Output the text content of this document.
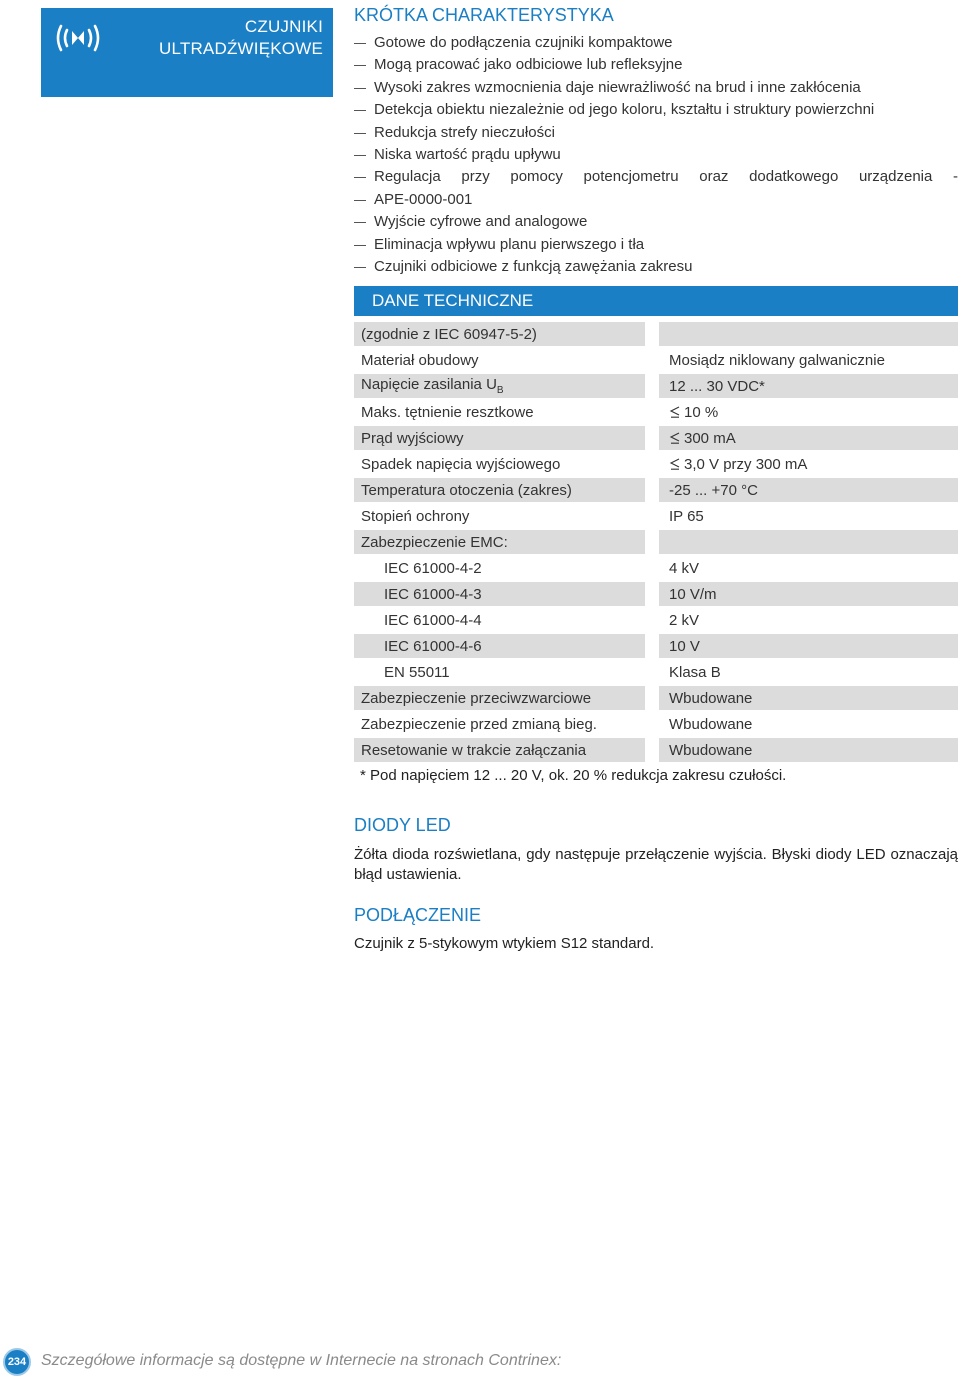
CZUJNIKI
ULTRADŹWIĘKOWE
KRÓTKA CHARAKTERYSTYKA
Gotowe do podłączenia czujniki kompaktowe
Mogą pracować jako odbiciowe lub refleksyjne
Wysoki zakres wzmocnienia daje niewrażliwość na brud i inne zakłócenia
Detekcja obiektu niezależnie od jego koloru, kształtu i struktury powierzchni
Redukcja strefy nieczułości
Niska wartość prądu upływu
Regulacja przy pomocy potencjometru oraz dodatkowego urządzenia -
APE-0000-001
Wyjście cyfrowe and analogowe
Eliminacja wpływu planu pierwszego i tła
Czujniki odbiciowe z funkcją zawężania zakresu
DANE TECHNICZNE
(zgodnie z IEC 60947-5-2)		
Materiał obudowy		Mosiądz niklowany galwanicznie
Napięcie zasilania $U_B$		12 ... 30 VDC*
Maks. tętnienie resztkowe		10 %
Prąd wyjściowy		300 mA
Spadek napięcia wyjściowego		3,0 V przy 300 mA
Temperatura otoczenia (zakres)		-25 ... +70 °C
Stopień ochrony		IP 65
Zabezpieczenie EMC:		
IEC 61000-4-2		4 kV
IEC 61000-4-3		10 V/m
IEC 61000-4-4		2 kV
IEC 61000-4-6		10 V
EN 55011		Klasa B
Zabezpieczenie przeciwzwarciowe		Wbudowane
Zabezpieczenie przed zmianą bieg.		Wbudowane
Resetowanie w trakcie załączania		Wbudowane
* Pod napięciem 12 ... 20 V, ok. 20 % redukcja zakresu czułości.
DIODY LED

Żółta dioda rozświetlana, gdy następuje przełączenie wyjścia. Błyski diody LED oznaczają błąd ustawienia.

PODŁĄCZENIE

Czujnik z 5-stykowym wtykiem S12 standard.

234 Szczegółowe informacje są dostępne w Internecie na stronach Contrinex:
